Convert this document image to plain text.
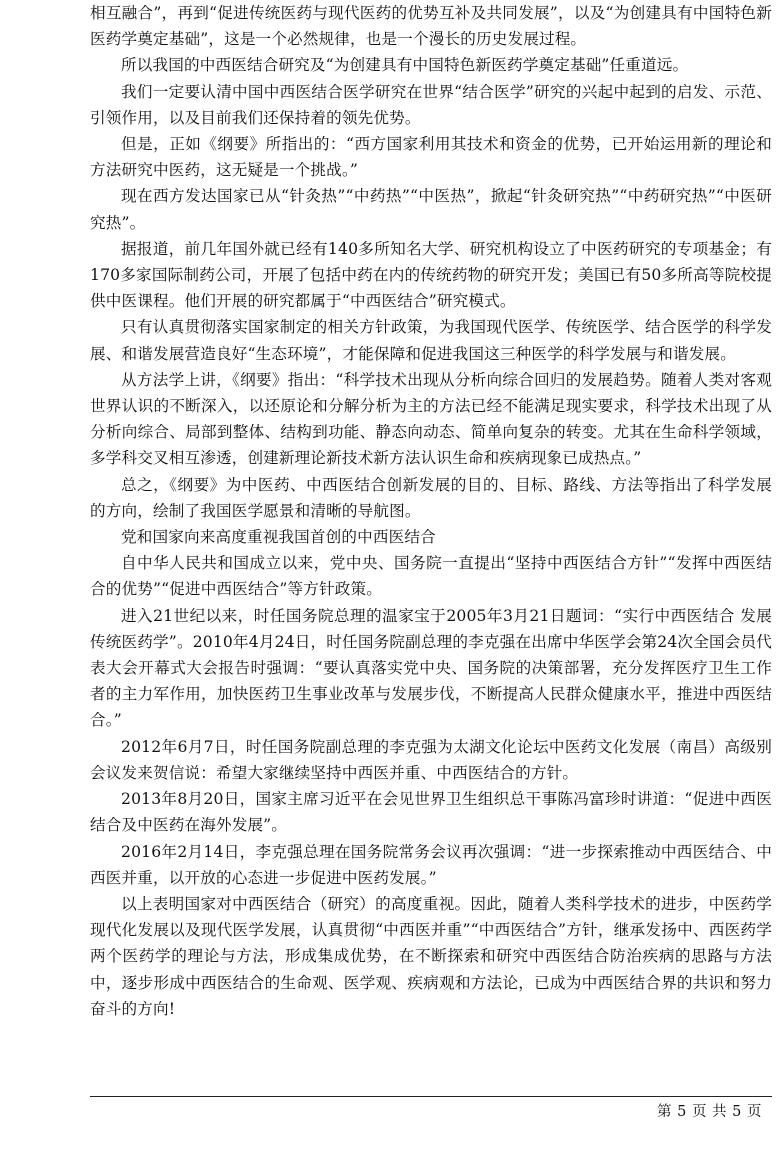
相互融合”，再到“促进传统医药与现代医药的优势互补及共同发展”，以及“为创建具有中国特色新医药学奠定基础”，这是一个必然规律，也是一个漫长的历史发展过程。

所以我国的中西医结合研究及“为创建具有中国特色新医药学奠定基础”任重道远。

我们一定要认清中国中西医结合医学研究在世界“结合医学”研究的兴起中起到的启发、示范、引领作用，以及目前我们还保持着的领先优势。

但是，正如《纲要》所指出的：“西方国家利用其技术和资金的优势，已开始运用新的理论和方法研究中医药，这无疑是一个挑战。”

现在西方发达国家已从“针灸热”“中药热”“中医热”，掀起“针灸研究热”“中药研究热”“中医研究热”。

据报道，前几年国外就已经有140多所知名大学、研究机构设立了中医药研究的专项基金；有170多家国际制药公司，开展了包括中药在内的传统药物的研究开发；美国已有50多所高等院校提供中医课程。他们开展的研究都属于“中西医结合”研究模式。

只有认真贯彻落实国家制定的相关方针政策，为我国现代医学、传统医学、结合医学的科学发展、和谐发展营造良好“生态环境”，才能保障和促进我国这三种医学的科学发展与和谐发展。

从方法学上讲，《纲要》指出：“科学技术出现从分析向综合回归的发展趋势。随着人类对客观世界认识的不断深入，以还原论和分解分析为主的方法已经不能满足现实要求，科学技术出现了从分析向综合、局部到整体、结构到功能、静态向动态、简单向复杂的转变。尤其在生命科学领域，多学科交叉相互渗透，创建新理论新技术新方法认识生命和疾病现象已成热点。”

总之，《纲要》为中医药、中西医结合创新发展的目的、目标、路线、方法等指出了科学发展的方向，绘制了我国医学愿景和清晰的导航图。

党和国家向来高度重视我国首创的中西医结合

自中华人民共和国成立以来，党中央、国务院一直提出“坚持中西医结合方针”“发挥中西医结合的优势”“促进中西医结合”等方针政策。

进入21世纪以来，时任国务院总理的温家宝于2005年3月21日题词：“实行中西医结合 发展传统医药学”。2010年4月24日，时任国务院副总理的李克强在出席中华医学会第24次全国会员代表大会开幕式大会报告时强调：“要认真落实党中央、国务院的决策部署，充分发挥医疗卫生工作者的主力军作用，加快医药卫生事业改革与发展步伐，不断提高人民群众健康水平，推进中西医结合。”

2012年6月7日，时任国务院副总理的李克强为太湖文化论坛中医药文化发展（南昌）高级别会议发来贺信说：希望大家继续坚持中西医并重、中西医结合的方针。

2013年8月20日，国家主席习近平在会见世界卫生组织总干事陈冯富珍时讲道：“促进中西医结合及中医药在海外发展”。

2016年2月14日，李克强总理在国务院常务会议再次强调：“进一步探索推动中西医结合、中西医并重，以开放的心态进一步促进中医药发展。”

以上表明国家对中西医结合（研究）的高度重视。因此，随着人类科学技术的进步，中医药学现代化发展以及现代医学发展，认真贯彻“中西医并重”“中西医结合”方针，继承发扬中、西医药学两个医药学的理论与方法，形成集成优势，在不断探索和研究中西医结合防治疾病的思路与方法中，逐步形成中西医结合的生命观、医学观、疾病观和方法论，已成为中西医结合界的共识和努力奋斗的方向!

第 5 页 共 5 页
